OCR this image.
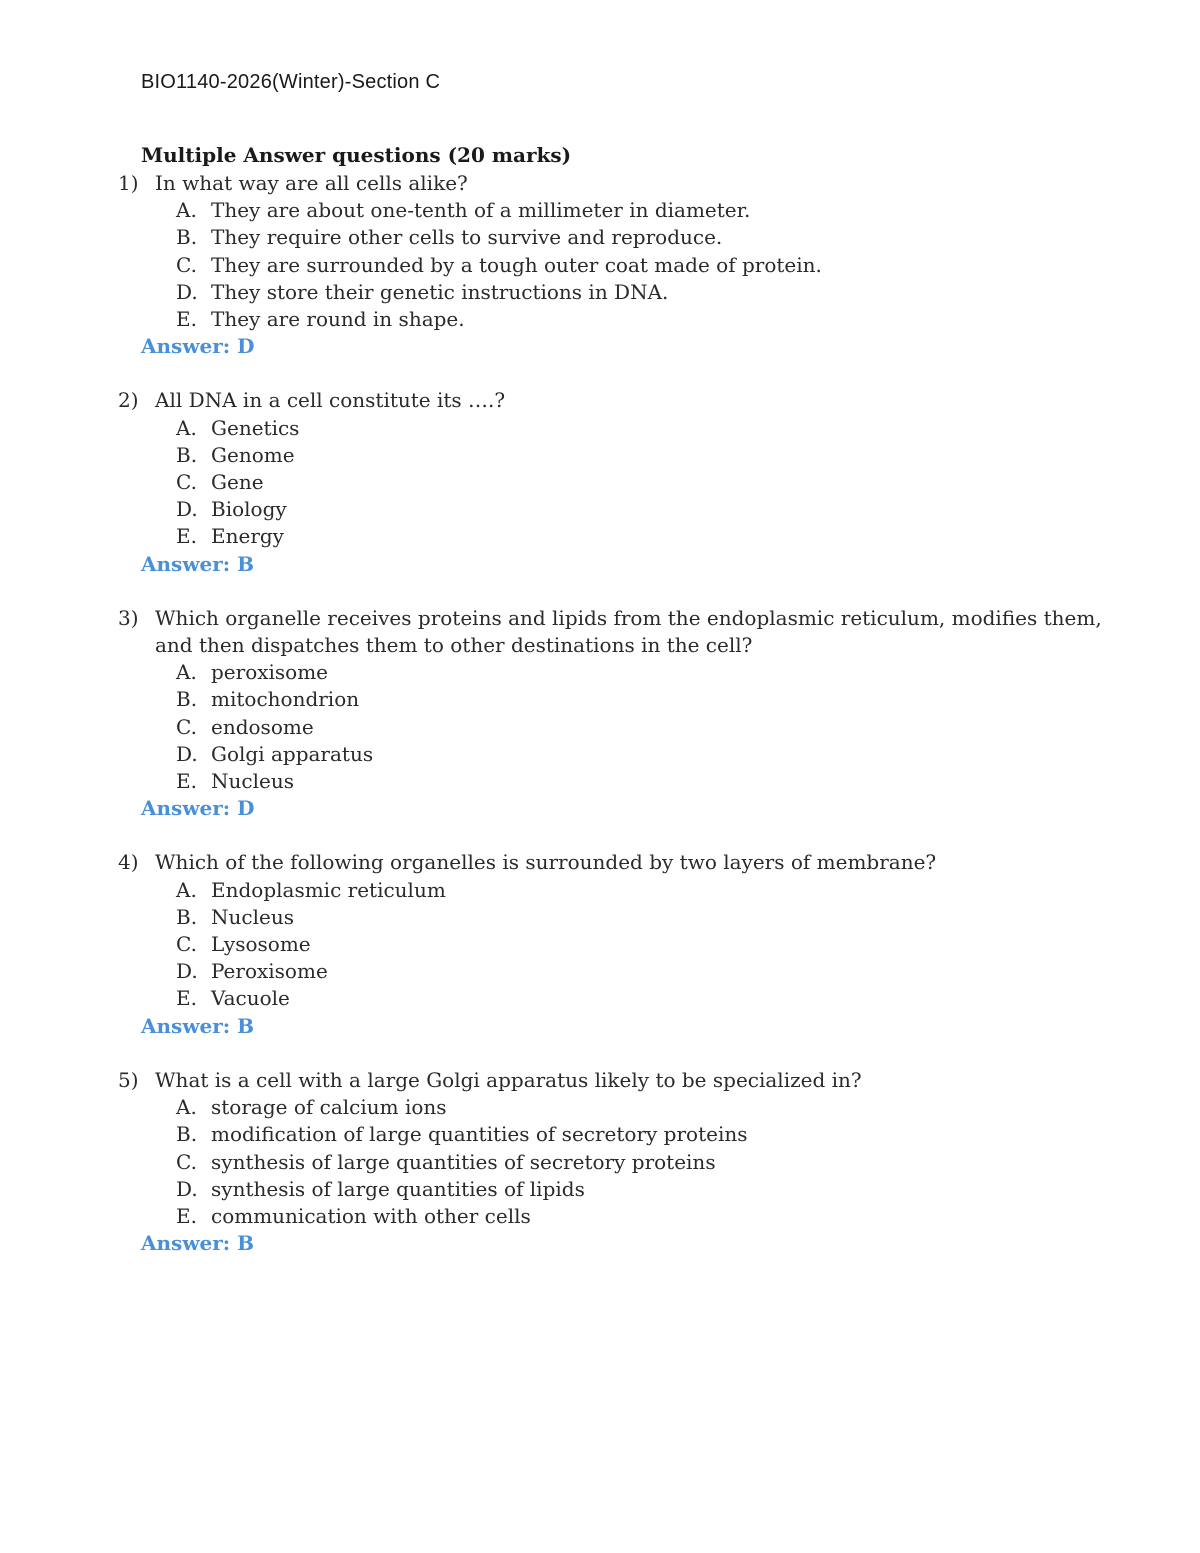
BIO1140-2026(Winter)-Section C
Multiple Answer questions (20 marks)
1) In what way are all cells alike?
A. They are about one-tenth of a millimeter in diameter.
B. They require other cells to survive and reproduce.
C. They are surrounded by a tough outer coat made of protein.
D. They store their genetic instructions in DNA.
E. They are round in shape.
Answer: D
2) All DNA in a cell constitute its ….?
A. Genetics
B. Genome
C. Gene
D. Biology
E. Energy
Answer: B
3) Which organelle receives proteins and lipids from the endoplasmic reticulum, modifies them, and then dispatches them to other destinations in the cell?
A. peroxisome
B. mitochondrion
C. endosome
D. Golgi apparatus
E. Nucleus
Answer: D
4) Which of the following organelles is surrounded by two layers of membrane?
A. Endoplasmic reticulum
B. Nucleus
C. Lysosome
D. Peroxisome
E. Vacuole
Answer: B
5) What is a cell with a large Golgi apparatus likely to be specialized in?
A. storage of calcium ions
B. modification of large quantities of secretory proteins
C. synthesis of large quantities of secretory proteins
D. synthesis of large quantities of lipids
E. communication with other cells
Answer: B
